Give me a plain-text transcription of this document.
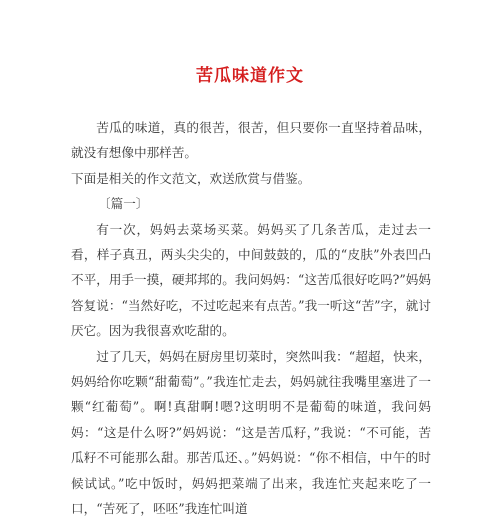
苦瓜味道作文

苦瓜的味道，真的很苦，很苦，但只要你一直坚持着品味，就没有想像中那样苦。

下面是相关的作文范文，欢送欣赏与借鉴。

〔篇一〕

有一次，妈妈去菜场买菜。妈妈买了几条苦瓜，走过去一看，样子真丑，两头尖尖的，中间鼓鼓的，瓜的“皮肤”外表凹凸不平，用手一摸，硬邦邦的。我问妈妈：“这苦瓜很好吃吗?”妈妈答复说：“当然好吃，不过吃起来有点苦。”我一听这“苦”字，就讨厌它。因为我很喜欢吃甜的。

过了几天，妈妈在厨房里切菜时，突然叫我：“超超，快来，妈妈给你吃颗“甜葡萄”。”我连忙走去，妈妈就往我嘴里塞进了一颗“红葡萄”。啊!真甜啊!嗯?这明明不是葡萄的味道，我问妈妈：“这是什么呀?”妈妈说：“这是苦瓜籽，”我说：“不可能，苦瓜籽不可能那么甜。那苦瓜还、。”妈妈说：“你不相信，中午的时候试试。”吃中饭时，妈妈把菜端了出来，我连忙夹起来吃了一口，“苦死了，呸呸”我连忙叫道
